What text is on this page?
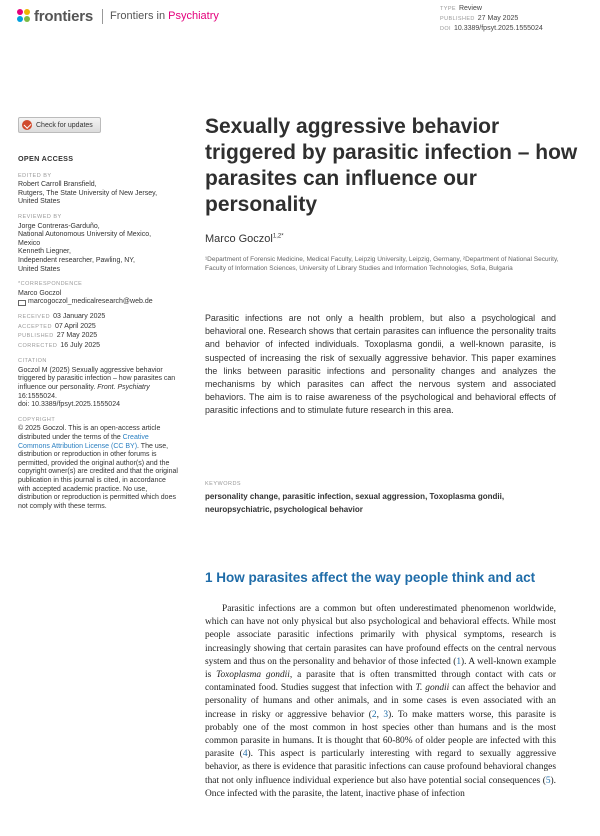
frontiers Frontiers in Psychiatry
TYPE Review
PUBLISHED 27 May 2025
DOI 10.3389/fpsyt.2025.1555024
Check for updates
OPEN ACCESS
EDITED BY
Robert Carroll Bransfield,
Rutgers, The State University of New Jersey,
United States
REVIEWED BY
Jorge Contreras-Garduño,
National Autonomous University of Mexico,
Mexico
Kenneth Liegner,
Independent researcher, Pawling, NY,
United States
*CORRESPONDENCE
Marco Goczol
marcogoczol_medicalresearch@web.de
RECEIVED 03 January 2025
ACCEPTED 07 April 2025
PUBLISHED 27 May 2025
CORRECTED 16 July 2025
CITATION
Goczol M (2025) Sexually aggressive behavior triggered by parasitic infection – how parasites can influence our personality. Front. Psychiatry 16:1555024.
doi: 10.3389/fpsyt.2025.1555024
COPYRIGHT
© 2025 Goczol. This is an open-access article distributed under the terms of the Creative Commons Attribution License (CC BY). The use, distribution or reproduction in other forums is permitted, provided the original author(s) and the copyright owner(s) are credited and that the original publication in this journal is cited, in accordance with accepted academic practice. No use, distribution or reproduction is permitted which does not comply with these terms.
Sexually aggressive behavior triggered by parasitic infection – how parasites can influence our personality
Marco Goczol$^{1,2*}$
¹Department of Forensic Medicine, Medical Faculty, Leipzig University, Leipzig, Germany, ²Department of National Security, Faculty of Information Sciences, University of Library Studies and Information Technologies, Sofia, Bulgaria
Parasitic infections are not only a health problem, but also a psychological and behavioral one. Research shows that certain parasites can influence the personality traits and behavior of infected individuals. Toxoplasma gondii, a well-known parasite, is suspected of increasing the risk of sexually aggressive behavior. This paper examines the links between parasitic infections and personality changes and analyzes the mechanisms by which parasites can affect the nervous system and associated behaviors. The aim is to raise awareness of the psychological and behavioral effects of parasitic infections and to stimulate future research in this area.
KEYWORDS
personality change, parasitic infection, sexual aggression, Toxoplasma gondii, neuropsychiatric, psychological behavior
1 How parasites affect the way people think and act

Parasitic infections are a common but often underestimated phenomenon worldwide, which can have not only physical but also psychological and behavioral effects. While most people associate parasitic infections primarily with physical symptoms, research is increasingly showing that certain parasites can have profound effects on the central nervous system and thus on the personality and behavior of those infected (1). A well-known example is Toxoplasma gondii, a parasite that is often transmitted through contact with cats or contaminated food. Studies suggest that infection with T. gondii can affect the behavior and personality of humans and other animals, and in some cases is even associated with an increase in risky or aggressive behavior (2, 3). To make matters worse, this parasite is probably one of the most common in host species other than humans and is the most common parasite in humans. It is thought that 60-80% of older people are infected with this parasite (4). This aspect is particularly interesting with regard to sexually aggressive behavior, as there is evidence that parasitic infections can cause profound behavioral changes that not only influence individual experience but also have potential social consequences (5). Once infected with the parasite, the latent, inactive phase of infection
